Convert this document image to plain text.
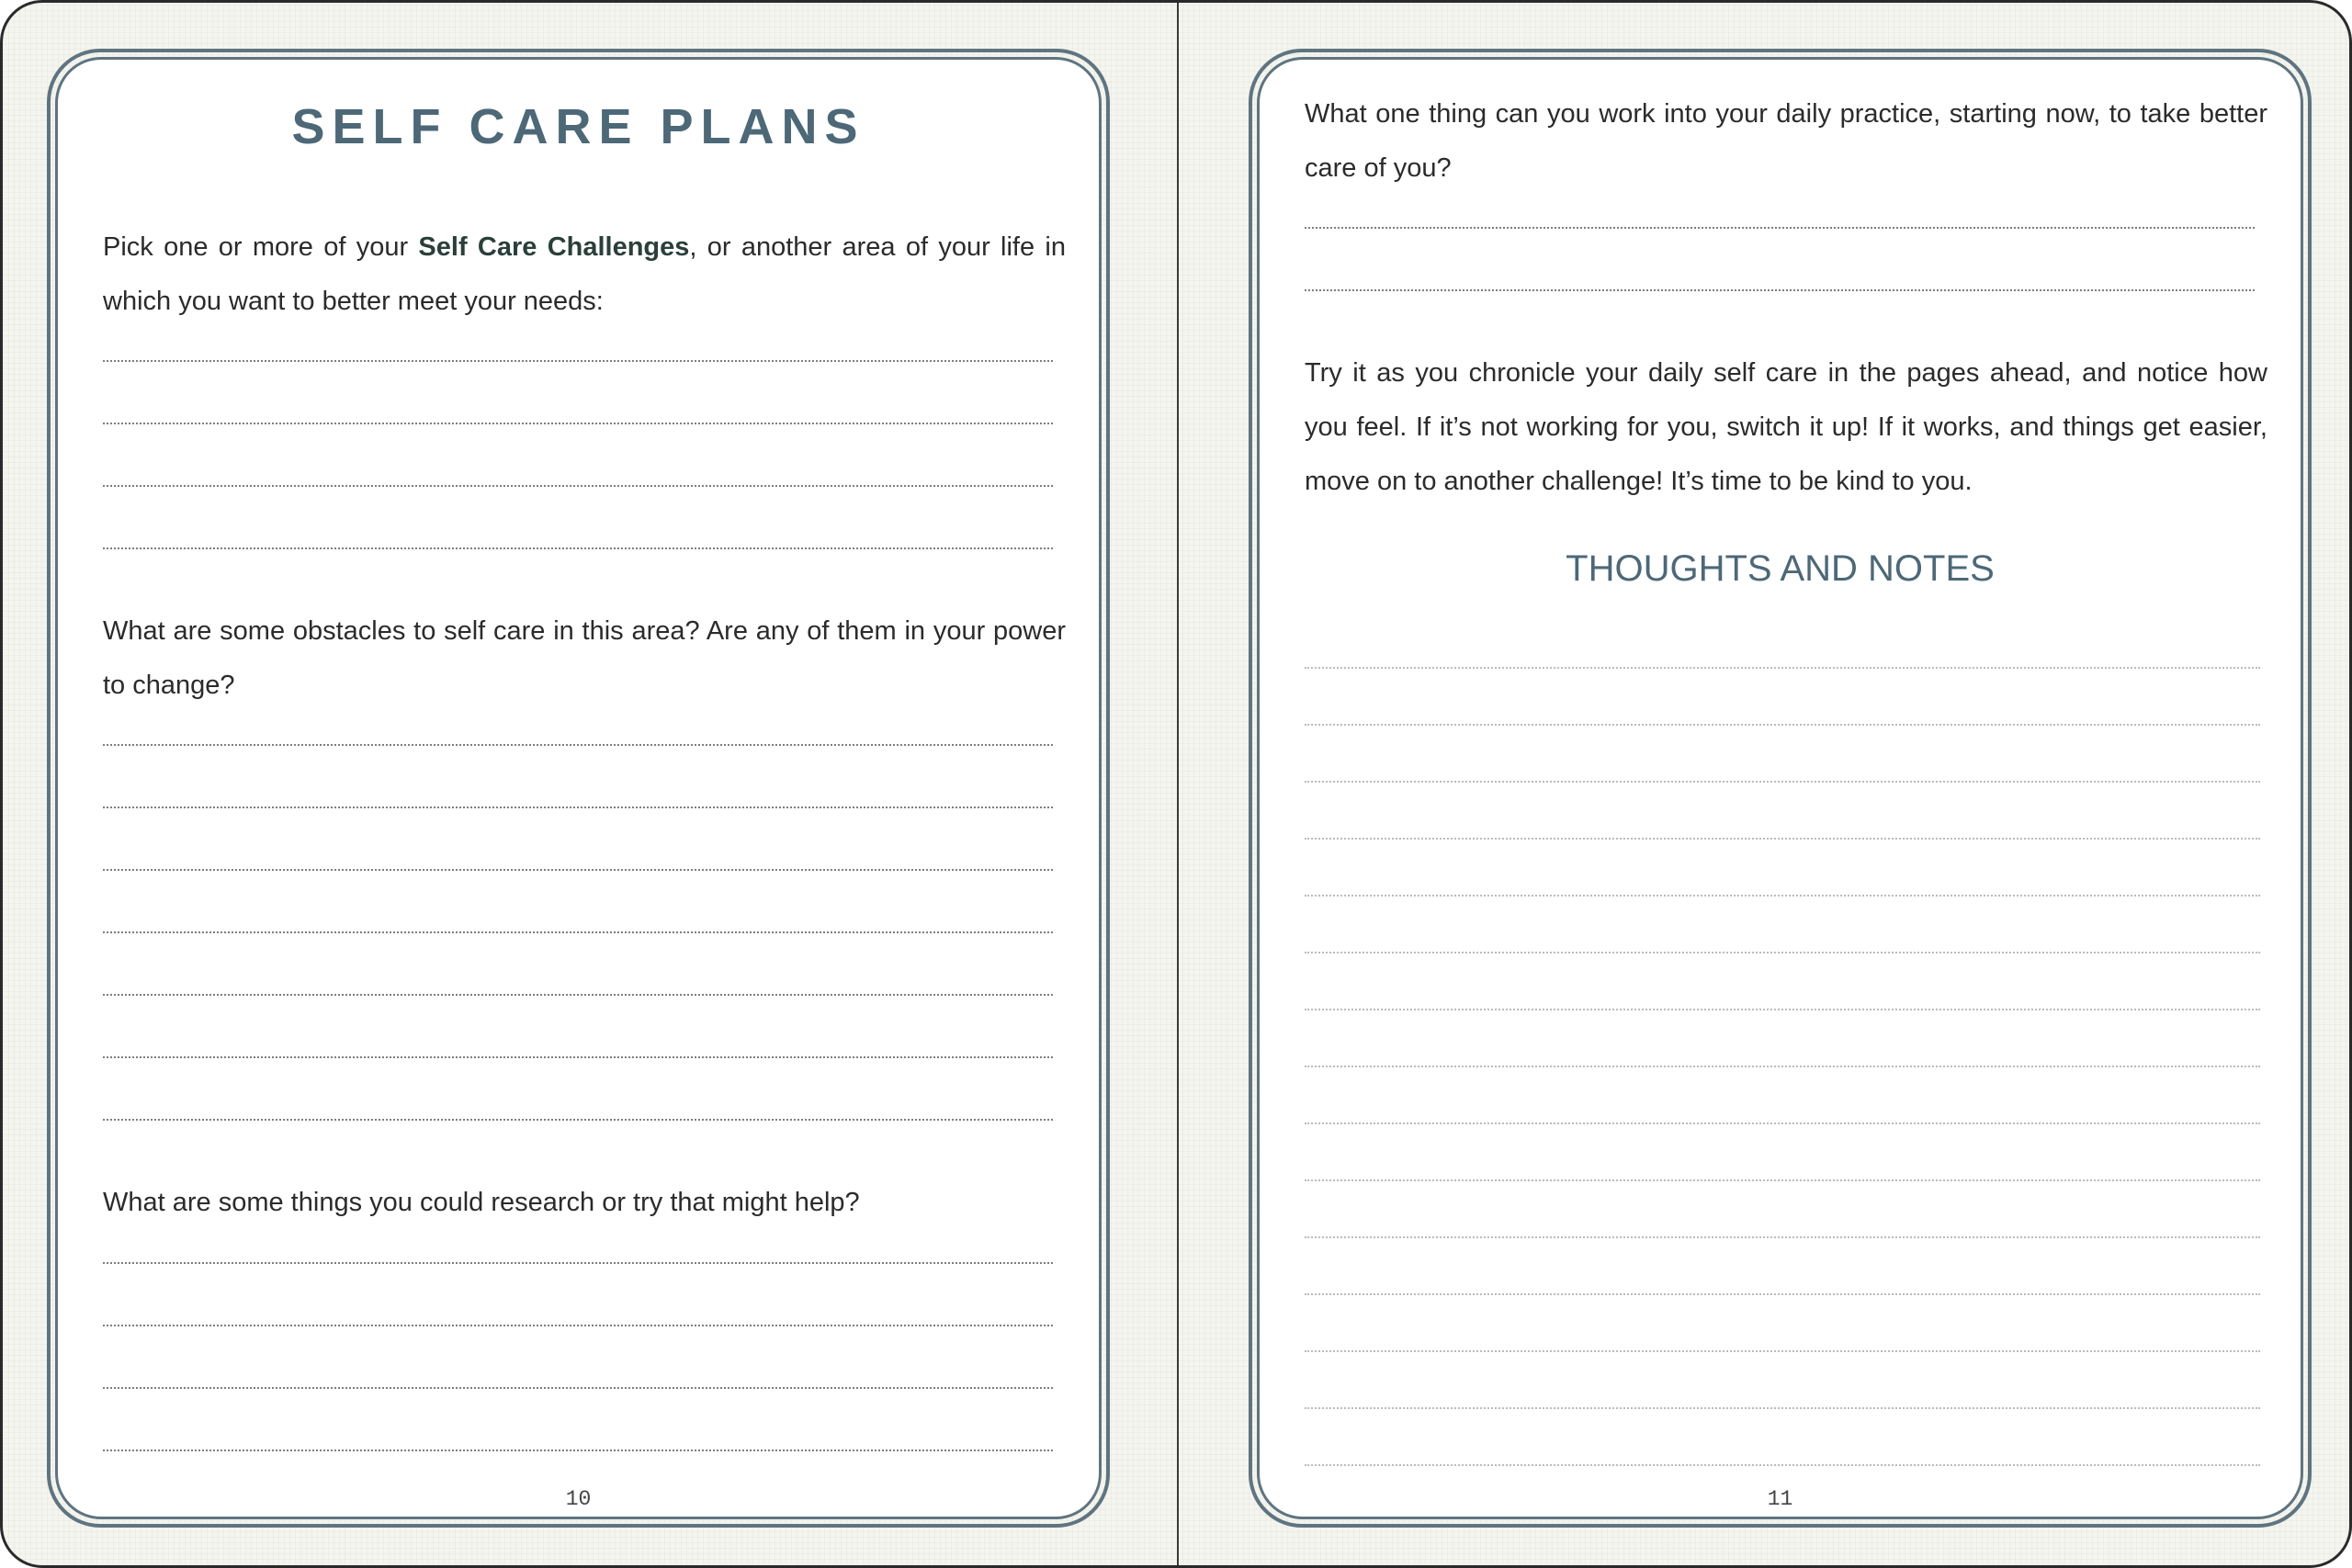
SELF CARE PLANS

Pick one or more of your Self Care Challenges, or another area of your life in which you want to better meet your needs:

What are some obstacles to self care in this area? Are any of them in your power to change?

What are some things you could research or try that might help?

10

What one thing can you work into your daily practice, starting now, to take better care of you?

Try it as you chronicle your daily self care in the pages ahead, and notice how you feel. If it’s not working for you, switch it up! If it works, and things get easier, move on to another challenge! It’s time to be kind to you.

THOUGHTS AND NOTES
11
